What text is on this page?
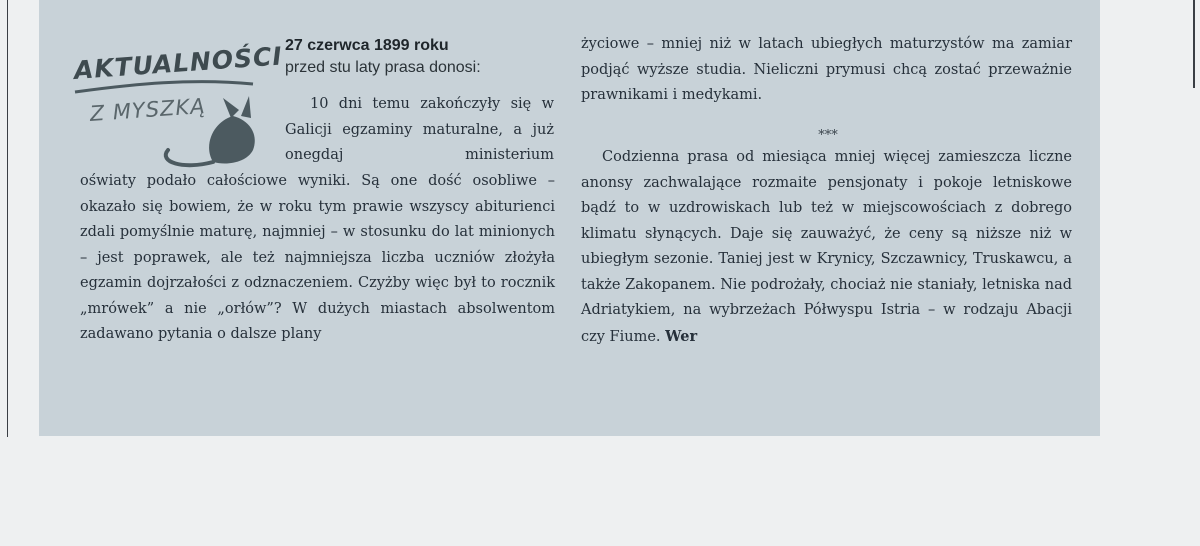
AKTUALNOŚCI
Z MYSZKĄ

27 czerwca 1899 roku

przed stu laty prasa donosi:

10 dni temu zakończyły się w Galicji egzaminy maturalne, a już onegdaj ministerium

oświaty podało całościowe wyniki. Są one dość osobliwe – okazało się bowiem, że w roku tym prawie wszyscy abiturienci zdali pomyślnie maturę, najmniej – w stosunku do lat minionych – jest poprawek, ale też najmniejsza liczba uczniów złożyła egzamin dojrzałości z odznaczeniem. Czyżby więc był to rocznik „mrówek” a nie „orłów”? W dużych miastach absolwentom zadawano pytania o dalsze plany

życiowe – mniej niż w latach ubiegłych maturzystów ma zamiar podjąć wyższe studia. Nieliczni prymusi chcą zostać przeważnie prawnikami i medykami.

***

Codzienna prasa od miesiąca mniej więcej zamieszcza liczne anonsy zachwalające rozmaite pensjonaty i pokoje letniskowe bądź to w uzdrowiskach lub też w miejscowościach z dobrego klimatu słynących. Daje się zauważyć, że ceny są niższe niż w ubiegłym sezonie. Taniej jest w Krynicy, Szczawnicy, Truskawcu, a także Zakopanem. Nie podrożały, chociaż nie staniały, letniska nad Adriatykiem, na wybrzeżach Półwyspu Istria – w rodzaju Abacji czy Fiume. Wer
